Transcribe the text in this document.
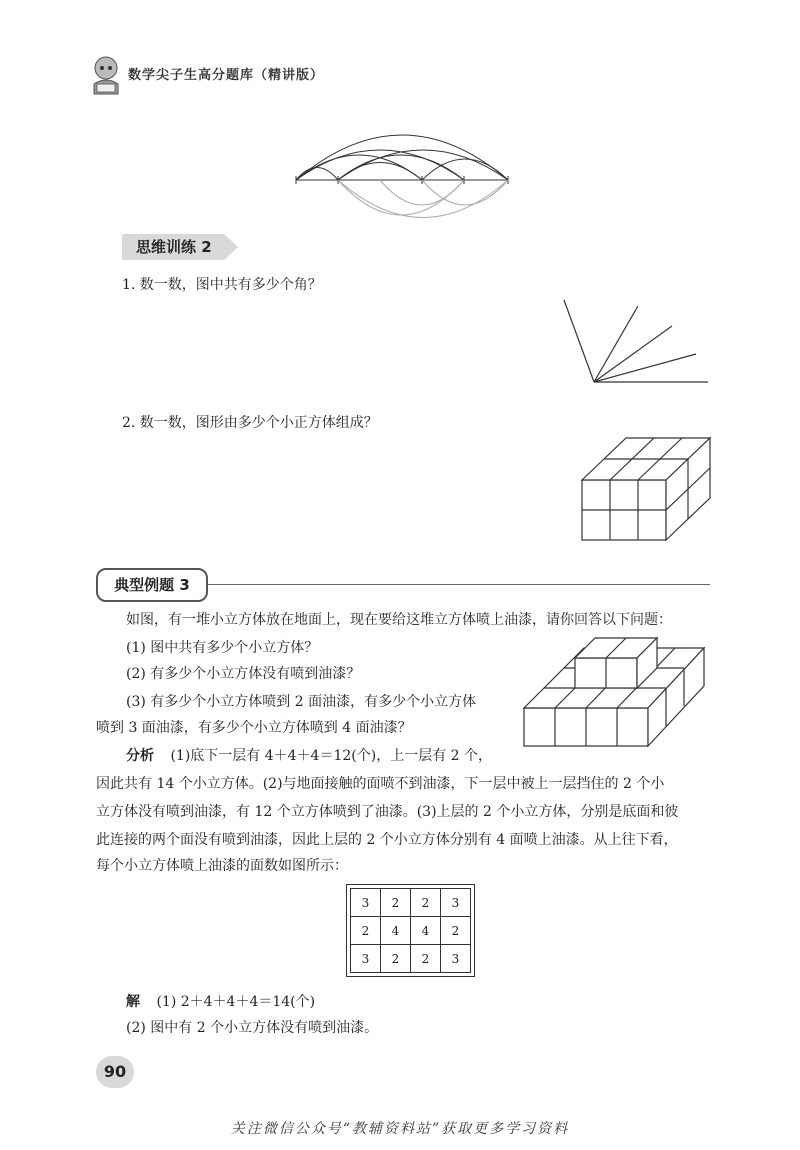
数学尖子生高分题库（精讲版）
思维训练 2
1. 数一数，图中共有多少个角？
2. 数一数，图形由多少个小正方体组成？
典型例题 3
如图，有一堆小立方体放在地面上，现在要给这堆立方体喷上油漆，请你回答以下问题：
(1) 图中共有多少个小立方体？
(2) 有多少个小立方体没有喷到油漆？
(3) 有多少个小立方体喷到 2 面油漆，有多少个小立方体
喷到 3 面油漆，有多少个小立方体喷到 4 面油漆？
分析 (1)底下一层有 4＋4＋4＝12(个)，上一层有 2 个，
因此共有 14 个小立方体。(2)与地面接触的面喷不到油漆，下一层中被上一层挡住的 2 个小
立方体没有喷到油漆，有 12 个立方体喷到了油漆。(3)上层的 2 个小立方体，分别是底面和彼
此连接的两个面没有喷到油漆，因此上层的 2 个小立方体分别有 4 面喷上油漆。从上往下看，
每个小立方体喷上油漆的面数如图所示：
3	2	2	3
2	4	4	2
3	2	2	3
解 (1) 2＋4＋4＋4＝14(个)
(2) 图中有 2 个小立方体没有喷到油漆。
90
关注微信公众号“教辅资料站”获取更多学习资料
